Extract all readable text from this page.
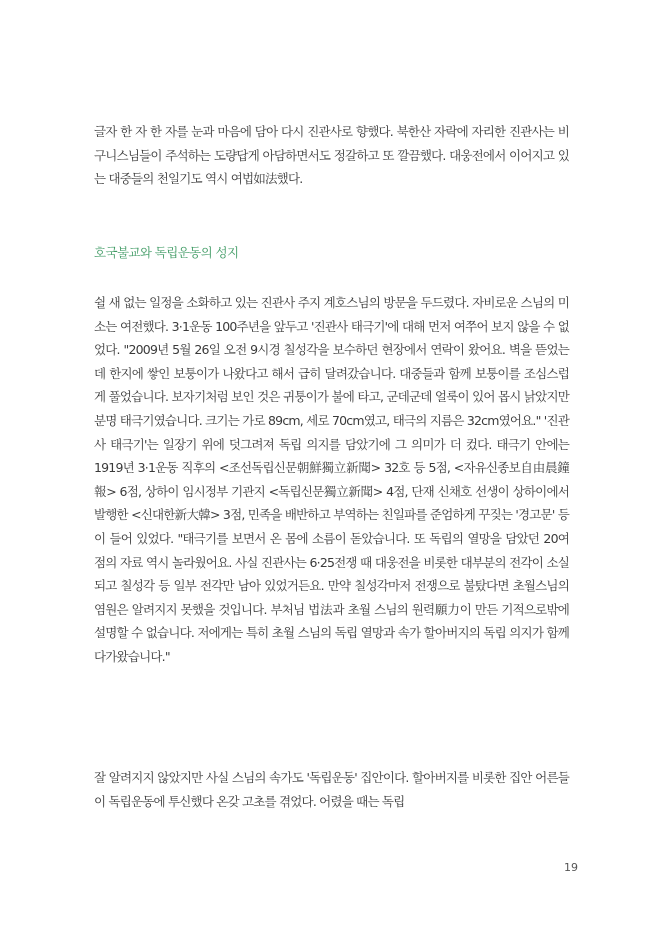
글자 한 자 한 자를 눈과 마음에 담아 다시 진관사로 향했다. 북한산 자락에 자리한 진관사는 비구니스님들이 주석하는 도량답게 아담하면서도 정갈하고 또 깔끔했다. 대웅전에서 이어지고 있는 대중들의 천일기도 역시 여법如法했다.

호국불교와 독립운동의 성지

쉴 새 없는 일정을 소화하고 있는 진관사 주지 계호스님의 방문을 두드렸다. 자비로운 스님의 미소는 여전했다. 3·1운동 100주년을 앞두고 '진관사 태극기'에 대해 먼저 여쭈어 보지 않을 수 없었다. "2009년 5월 26일 오전 9시경 칠성각을 보수하던 현장에서 연락이 왔어요. 벽을 뜯었는데 한지에 쌓인 보퉁이가 나왔다고 해서 급히 달려갔습니다. 대중들과 함께 보퉁이를 조심스럽게 풀었습니다. 보자기처럼 보인 것은 귀퉁이가 불에 타고, 군데군데 얼룩이 있어 몹시 낡았지만 분명 태극기였습니다. 크기는 가로 89cm, 세로 70cm였고, 태극의 지름은 32cm였어요." '진관사 태극기'는 일장기 위에 덧그려져 독립 의지를 담았기에 그 의미가 더 컸다. 태극기 안에는 1919년 3·1운동 직후의 <조선독립신문朝鮮獨立新聞> 32호 등 5점, <자유신종보自由晨鐘報> 6점, 상하이 임시정부 기관지 <독립신문獨立新聞> 4점, 단재 신채호 선생이 상하이에서 발행한 <신대한新大韓> 3점, 민족을 배반하고 부역하는 친일파를 준엄하게 꾸짖는 '경고문' 등이 들어 있었다. "태극기를 보면서 온 몸에 소름이 돋았습니다. 또 독립의 열망을 담았던 20여 점의 자료 역시 놀라웠어요. 사실 진관사는 6·25전쟁 때 대웅전을 비롯한 대부분의 전각이 소실되고 칠성각 등 일부 전각만 남아 있었거든요. 만약 칠성각마저 전쟁으로 불탔다면 초월스님의 염원은 알려지지 못했을 것입니다. 부처님 법法과 초월 스님의 원력願力이 만든 기적으로밖에 설명할 수 없습니다. 저에게는 특히 초월 스님의 독립 열망과 속가 할아버지의 독립 의지가 함께 다가왔습니다."

잘 알려지지 않았지만 사실 스님의 속가도 '독립운동' 집안이다. 할아버지를 비롯한 집안 어른들이 독립운동에 투신했다 온갖 고초를 겪었다. 어렸을 때는 독립

19
